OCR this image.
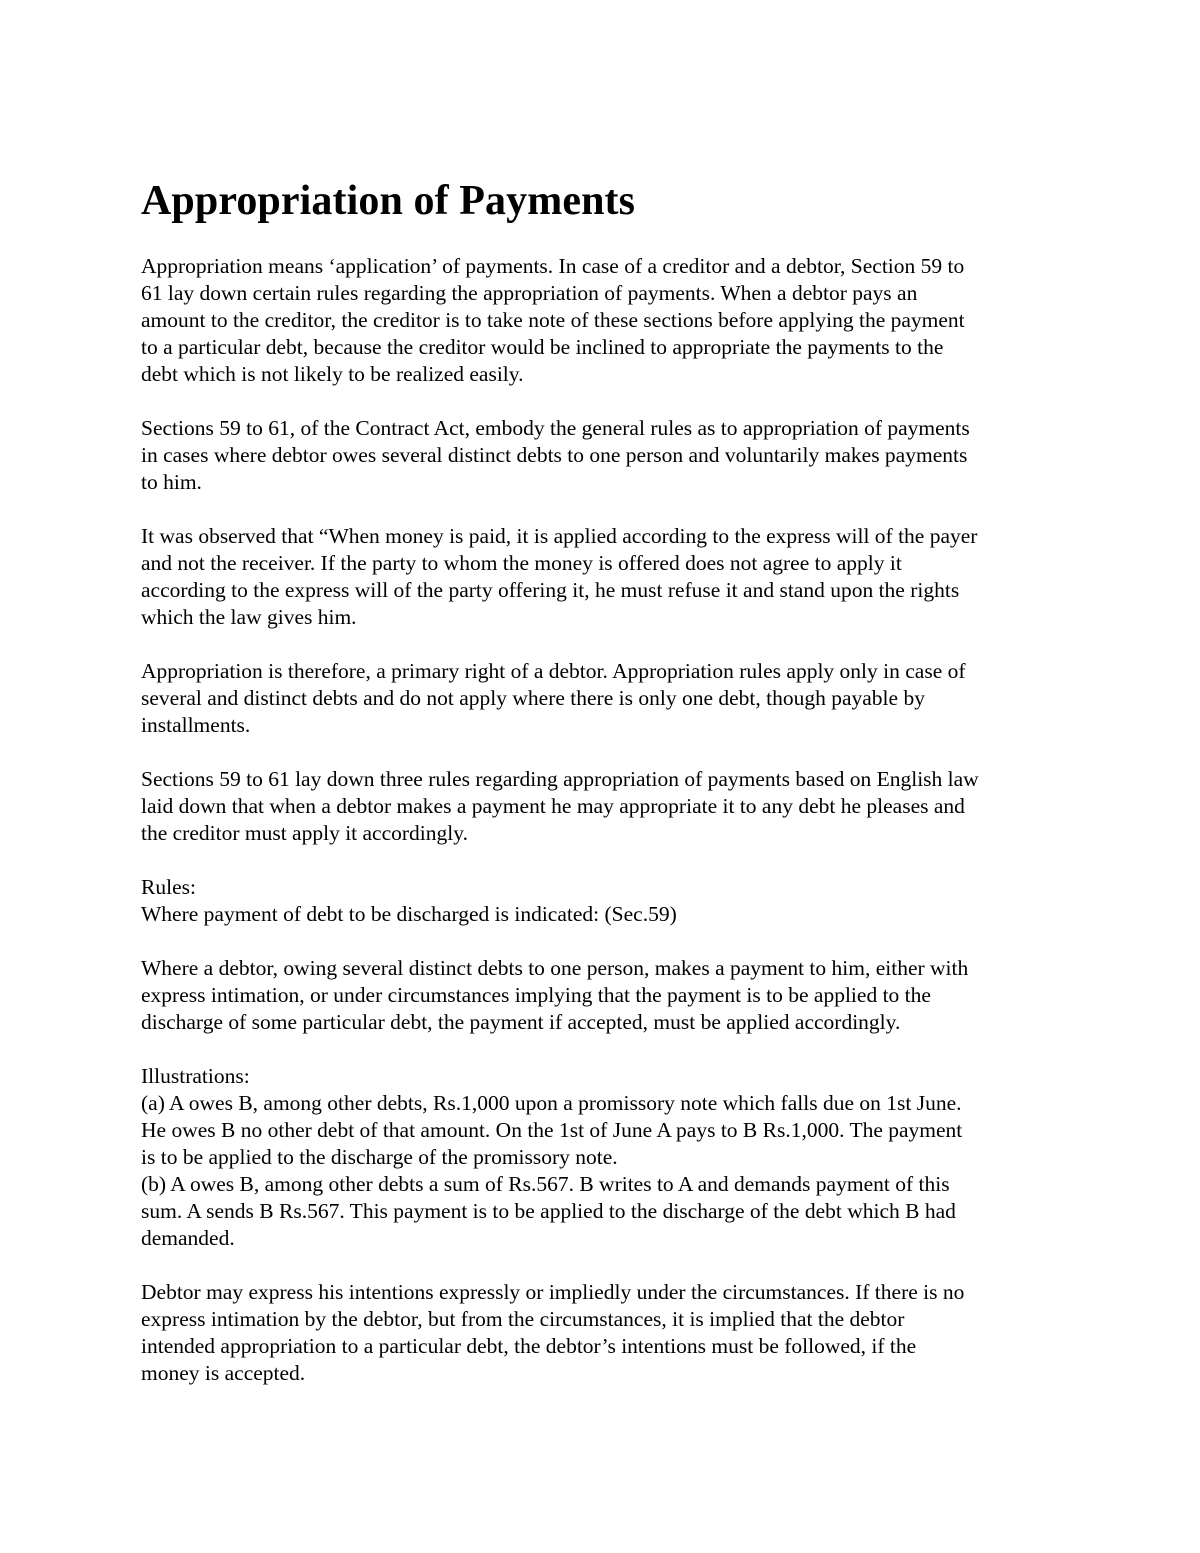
Appropriation of Payments

Appropriation means ‘application’ of payments. In case of a creditor and a debtor, Section 59 to
61 lay down certain rules regarding the appropriation of payments. When a debtor pays an
amount to the creditor, the creditor is to take note of these sections before applying the payment
to a particular debt, because the creditor would be inclined to appropriate the payments to the
debt which is not likely to be realized easily.

Sections 59 to 61, of the Contract Act, embody the general rules as to appropriation of payments
in cases where debtor owes several distinct debts to one person and voluntarily makes payments
to him.

It was observed that “When money is paid, it is applied according to the express will of the payer
and not the receiver. If the party to whom the money is offered does not agree to apply it
according to the express will of the party offering it, he must refuse it and stand upon the rights
which the law gives him.

Appropriation is therefore, a primary right of a debtor. Appropriation rules apply only in case of
several and distinct debts and do not apply where there is only one debt, though payable by
installments.

Sections 59 to 61 lay down three rules regarding appropriation of payments based on English law
laid down that when a debtor makes a payment he may appropriate it to any debt he pleases and
the creditor must apply it accordingly.

Rules:
Where payment of debt to be discharged is indicated: (Sec.59)

Where a debtor, owing several distinct debts to one person, makes a payment to him, either with
express intimation, or under circumstances implying that the payment is to be applied to the
discharge of some particular debt, the payment if accepted, must be applied accordingly.

Illustrations:
(a) A owes B, among other debts, Rs.1,000 upon a promissory note which falls due on 1st June.
He owes B no other debt of that amount. On the 1st of June A pays to B Rs.1,000. The payment
is to be applied to the discharge of the promissory note.
(b) A owes B, among other debts a sum of Rs.567. B writes to A and demands payment of this
sum. A sends B Rs.567. This payment is to be applied to the discharge of the debt which B had
demanded.

Debtor may express his intentions expressly or impliedly under the circumstances. If there is no
express intimation by the debtor, but from the circumstances, it is implied that the debtor
intended appropriation to a particular debt, the debtor’s intentions must be followed, if the
money is accepted.
